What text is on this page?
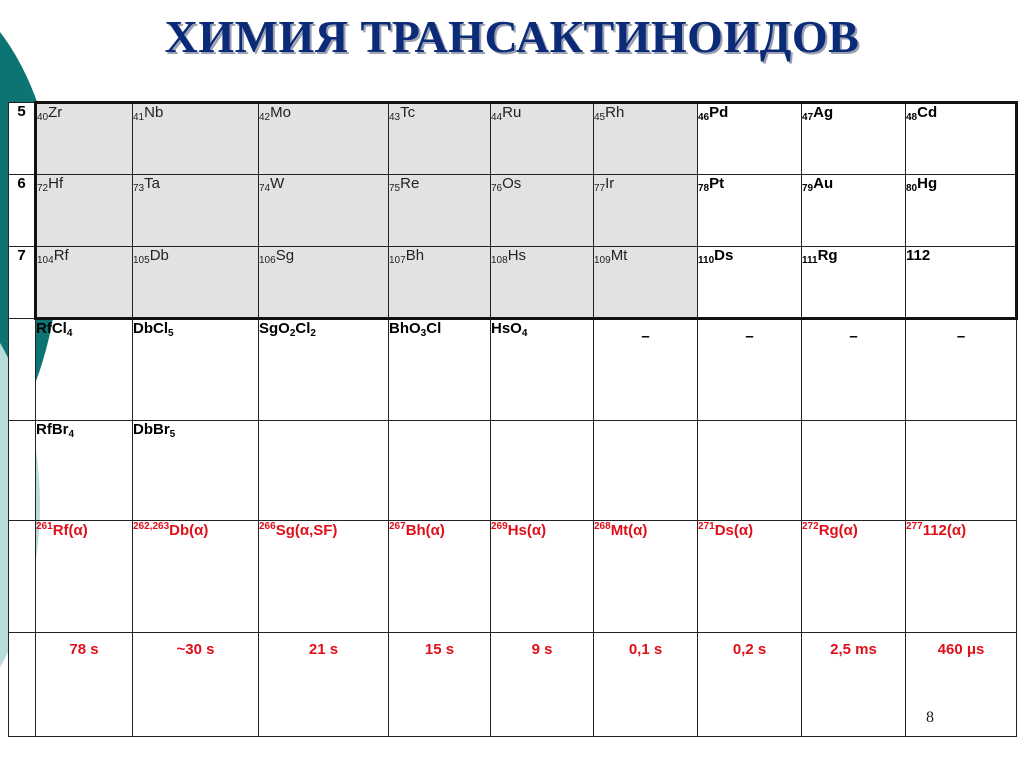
ХИМИЯ ТРАНСАКТИНОИДОВ
5	$_{40}$Zr	$_{41}$Nb	$_{42}$Mo	$_{43}$Tc	$_{44}$Ru	$_{45}$Rh	$_{46}$Pd	$_{47}$Ag	$_{48}$Cd
6	$_{72}$Hf	$_{73}$Ta	$_{74}$W	$_{75}$Re	$_{76}$Os	$_{77}$Ir	$_{78}$Pt	$_{79}$Au	$_{80}$Hg
7	$_{104}$Rf	$_{105}$Db	$_{106}$Sg	$_{107}$Bh	$_{108}$Hs	$_{109}$Mt	$_{110}$Ds	$_{111}$Rg	112
	RfCl$_4$	DbCl$_5$	$SgO_2Cl_2$	BhO$_3$Cl	HsO$_4$	–	–	–	–
	RfBr$_4$	DbBr$_5$							
	$^{261}$Rf(α)	$^{262,263}$Db(α)	$^{266}$Sg(α,SF)	$^{267}$Bh(α)	$^{269}$Hs(α)	$^{268}$Mt(α)	$^{271}$Ds(α)	$^{272}$Rg(α)	$^{277}$112(α)
	78 s	~30 s	21 s	15 s	9 s	0,1 s	0,2 s	2,5 ms	460 μs
8
